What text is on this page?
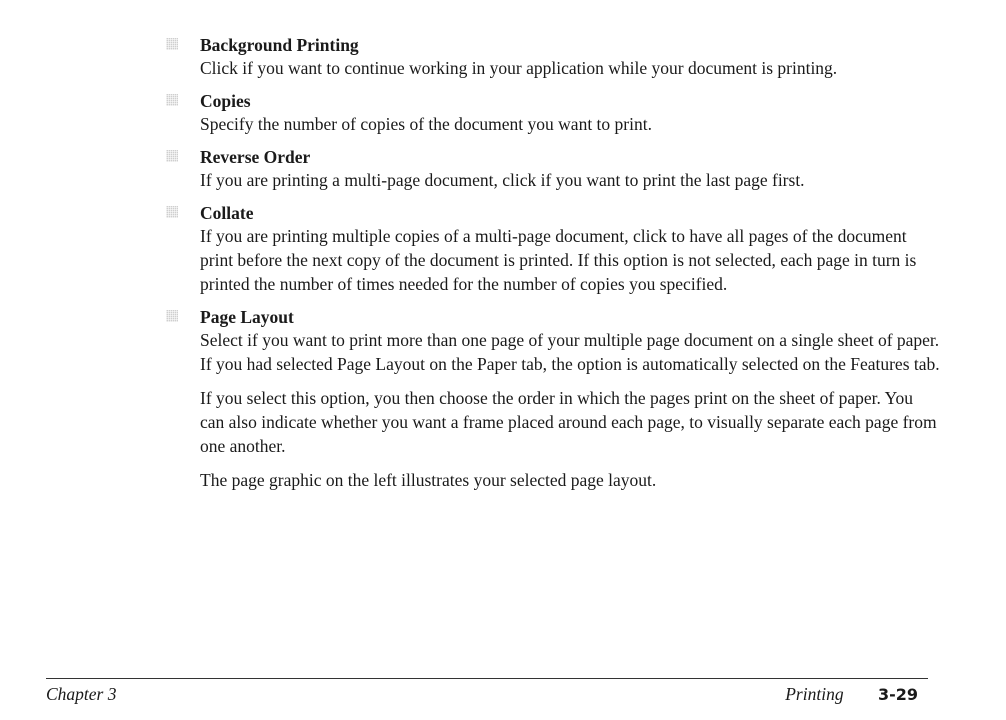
Background Printing

Click if you want to continue working in your application while your document is printing.

Copies

Specify the number of copies of the document you want to print.

Reverse Order

If you are printing a multi-page document, click if you want to print the last page first.

Collate

If you are printing multiple copies of a multi-page document, click to have all pages of the document print before the next copy of the document is printed. If this option is not selected, each page in turn is printed the number of times needed for the number of copies you specified.

Page Layout

Select if you want to print more than one page of your multiple page document on a single sheet of paper. If you had selected Page Layout on the Paper tab, the option is automatically selected on the Features tab.

If you select this option, you then choose the order in which the pages print on the sheet of paper. You can also indicate whether you want a frame placed around each page, to visually separate each page from one another.

The page graphic on the left illustrates your selected page layout.

Chapter 3	Printing 3-29
